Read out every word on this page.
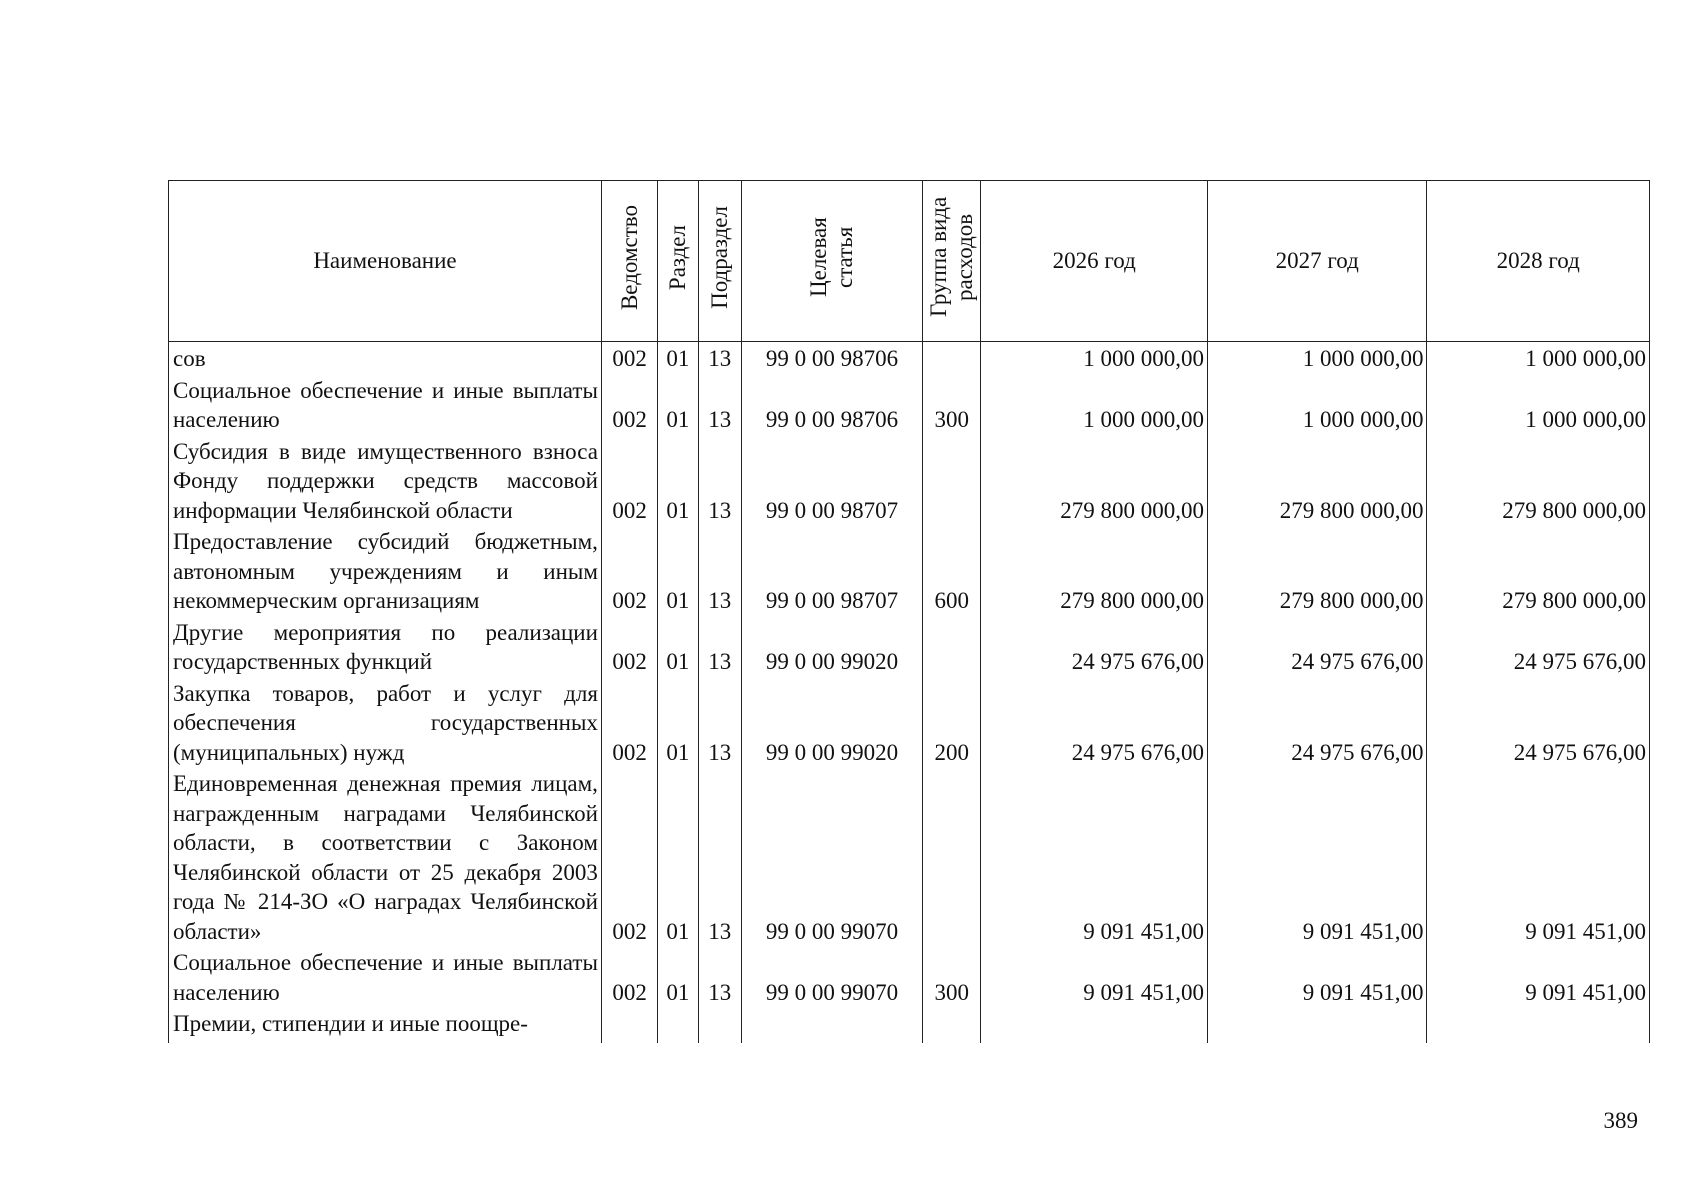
Наименование	Ведомство	Раздел	Подраздел	Целевая статья	Группа вида расходов	2026 год	2027 год	2028 год
сов	002	01	13	99 0 00 98706		1 000 000,00	1 000 000,00	1 000 000,00
Социальное обеспечение и иные выплаты населению	002	01	13	99 0 00 98706	300	1 000 000,00	1 000 000,00	1 000 000,00
Субсидия в виде имущественного взноса Фонду поддержки средств массовой информации Челябинской области	002	01	13	99 0 00 98707		279 800 000,00	279 800 000,00	279 800 000,00
Предоставление субсидий бюджетным, автономным учреждениям и иным некоммерческим организациям	002	01	13	99 0 00 98707	600	279 800 000,00	279 800 000,00	279 800 000,00
Другие мероприятия по реализации государственных функций	002	01	13	99 0 00 99020		24 975 676,00	24 975 676,00	24 975 676,00
Закупка товаров, работ и услуг для обеспечения государственных (муниципальных) нужд	002	01	13	99 0 00 99020	200	24 975 676,00	24 975 676,00	24 975 676,00
Единовременная денежная премия лицам, награжденным наградами Челябинской области, в соответствии с Законом Челябинской области от 25 декабря 2003 года № 214-ЗО «О наградах Челябинской области»	002	01	13	99 0 00 99070		9 091 451,00	9 091 451,00	9 091 451,00
Социальное обеспечение и иные выплаты населению	002	01	13	99 0 00 99070	300	9 091 451,00	9 091 451,00	9 091 451,00
Премии, стипендии и иные поощре-								
389
